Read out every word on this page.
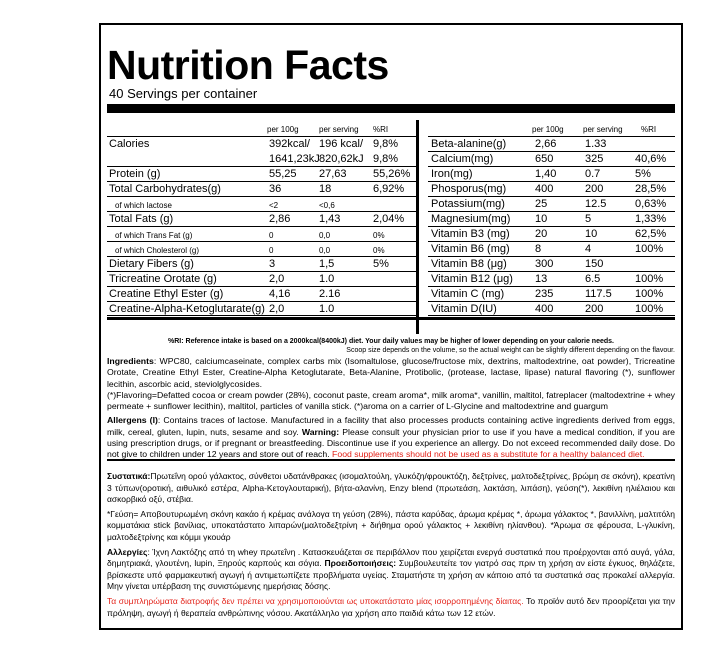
Nutrition Facts
40 Servings per container
per 100g	per serving %RI
Calories	392kcal/ 196 kcal/ 9,8%
1641,23kJ 820,62kJ 9,8%
Protein (g)	55,25 27,63 55,26%
Total Carbohydrates(g)	36	18	6,92%
of which lactose	<2	<0,6
Total Fats (g)	2,86	1,43	2,04%
of which Trans Fat (g)	0	0,0	0%
of which Cholesterol (g)	0	0,0	0%
Dietary Fibers (g)	3	1,5	5%
Tricreatine Orotate (g)	2,0	1.0
Creatine Ethyl Ester (g)	4,16	2.16
Creatine-Alpha-Ketoglutarate(g) 2,0	1.0
per 100g per serving %RI
Beta-alanine(g)	2,66	1.33
Calcium(mg)	650	325	40,6%
Iron(mg)	1,40	0.7	5%
Phosporus(mg)	400	200	28,5%
Potassium(mg)	25	12.5	0,63%
Magnesium(mg) 10	5	1,33%
Vitamin B3 (mg) 20	10	62,5%
Vitamin B6 (mg) 8	4	100%
Vitamin B8 (μg)	300	150
Vitamin B12 (μg) 13	6.5	100%
Vitamin C (mg)	235	117.5 100%
Vitamin D(IU)	400	200	100%
%RI: Reference intake is based on a 2000kcal(8400kJ) diet. Your daily values may be higher of lower depending on your calorie needs.
Scoop size depends on the volume, so the actual weight can be slightly different depending on the flavour.

Ingredients: WPC80, calciumcaseinate, complex carbs mix (Isomaltulose, glucose/fructose mix, dextrins, maltodextrine, oat powder), Tricreatine Orotate, Creatine Ethyl Ester, Creatine-Alpha Ketoglutarate, Beta-Alanine, Protibolic, (protease, lactase, lipase) natural flavoring (*), sunflower lecithin, ascorbic acid, steviolglycosides.

(*)Flavoring=Defatted cocoa or cream powder (28%), coconut paste, cream aroma*, milk aroma*, vanillin, maltitol, fatreplacer (maltodextrine + whey permeate + sunflower lecithin), maltitol, particles of vanilla stick. (*)aroma on a carrier of L-Glycine and maltodextrine and guargum

Allergens (I): Contains traces of lactose. Manufactured in a facility that also processes products containing active ingredients derived from eggs, milk, cereal, gluten, lupin, nuts, sesame and soy. Warning: Please consult your physician prior to use if you have a medical condition, if you are using prescription drugs, or if pregnant or breastfeeding. Discontinue use if you experience an allergy. Do not exceed recommended daily dose. Do not give to children under 12 years and store out of reach. Food supplements should not be used as a substitute for a healthy balanced diet.

Συστατικά:Πρωτεΐνη ορού γάλακτος, σύνθετοι υδατάνθρακες (ισομαλτούλη, γλυκόζη/φρουκτόζη, δεξτρίνες, μαλτοδεξτρίνες, βρώμη σε σκόνη), κρεατίνη 3 τύπων(οροτική, αιθυλικό εστέρα, Alpha-Κετογλουταρική), βήτα-αλανίνη, Enzy blend (πρωτεάση, λακτάση, λιπάση), γεύση(*), λεκιθίνη ηλιέλαιου και ασκορβικό οξύ, στέβια.

*Γεύση= Αποβουτυρωμένη σκόνη κακάο ή κρέμας ανάλογα τη γεύση (28%), πάστα καρύδας, άρωμα κρέμας *, άρωμα γάλακτος *, βανιλλίνη, μαλτιτόλη κομματάκια stick βανίλιας, υποκατάστατο λιπαρών(μαλτοδεξτρίνη + διήθημα ορού γάλακτος + λεκιθίνη ηλίανθου). *Άρωμα σε φέρουσα, L-γλυκίνη, μαλτοδεξτρίνης και κόμμι γκουάρ

Αλλεργίες: Ίχνη Λακτόζης από τη whey πρωτεΐνη . Κατασκευάζεται σε περιβάλλον που χειρίζεται ενεργά συστατικά που προέρχονται από αυγά, γάλα, δημητριακά, γλουτένη, lupin, Ξηρούς καρπούς και σόγια. Προειδοποιήσεις: Συμβουλευτείτε τον γιατρό σας πριν τη χρήση αν είστε έγκυος, θηλάζετε, βρίσκεστε υπό φαρμακευτική αγωγή ή αντιμετωπίζετε προβλήματα υγείας. Σταματήστε τη χρήση αν κάποιο από τα συστατικά σας προκαλεί αλλεργία. Μην γίνεται υπέρβαση της συνιστώμενης ημερήσιας δόσης.

Τα συμπληρώματα διατροφής δεν πρέπει να χρησιμοποιούνται ως υποκατάστατο μίας ισορροπημένης δίαιτας. Το προϊόν αυτό δεν προορίζεται για την πρόληψη, αγωγή ή θεραπεία ανθρώπινης νόσου. Ακατάλληλο για χρήση απο παιδιά κάτω των 12 ετών.
